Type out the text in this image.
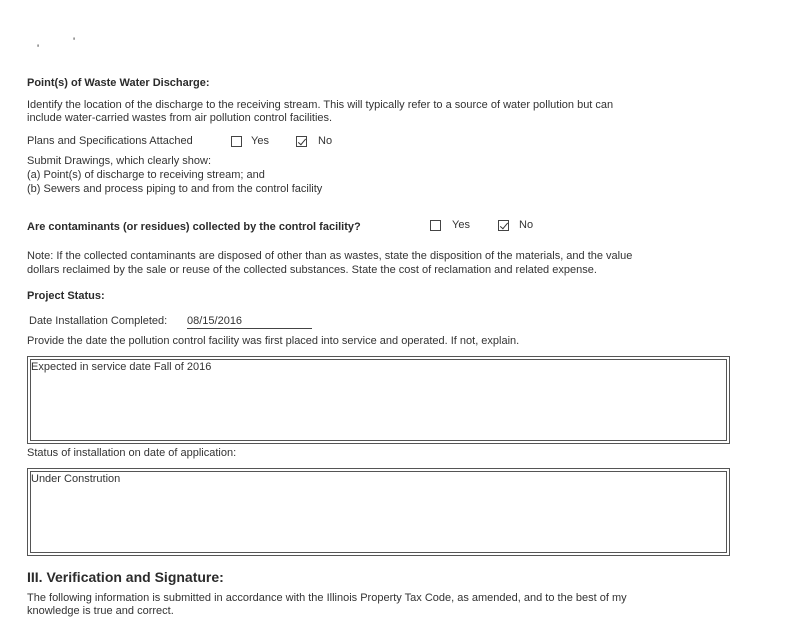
'
'
Point(s) of Waste Water Discharge:
Identify the location of the discharge to the receiving stream. This will typically refer to a source of water pollution but can
include water-carried wastes from air pollution control facilities.
Plans and Specifications Attached	Yes	No
Submit Drawings, which clearly show:
(a) Point(s) of discharge to receiving stream; and
(b) Sewers and process piping to and from the control facility
Are contaminants (or residues) collected by the control facility?	Yes	No
Note: If the collected contaminants are disposed of other than as wastes, state the disposition of the materials, and the value
dollars reclaimed by the sale or reuse of the collected substances. State the cost of reclamation and related expense.
Project Status:
Date Installation Completed: 08/15/2016
Provide the date the pollution control facility was first placed into service and operated. If not, explain.
Expected in service date Fall of 2016
Status of installation on date of application:
Under Constrution
III. Verification and Signature:
The following information is submitted in accordance with the Illinois Property Tax Code, as amended, and to the best of my
knowledge is true and correct.
